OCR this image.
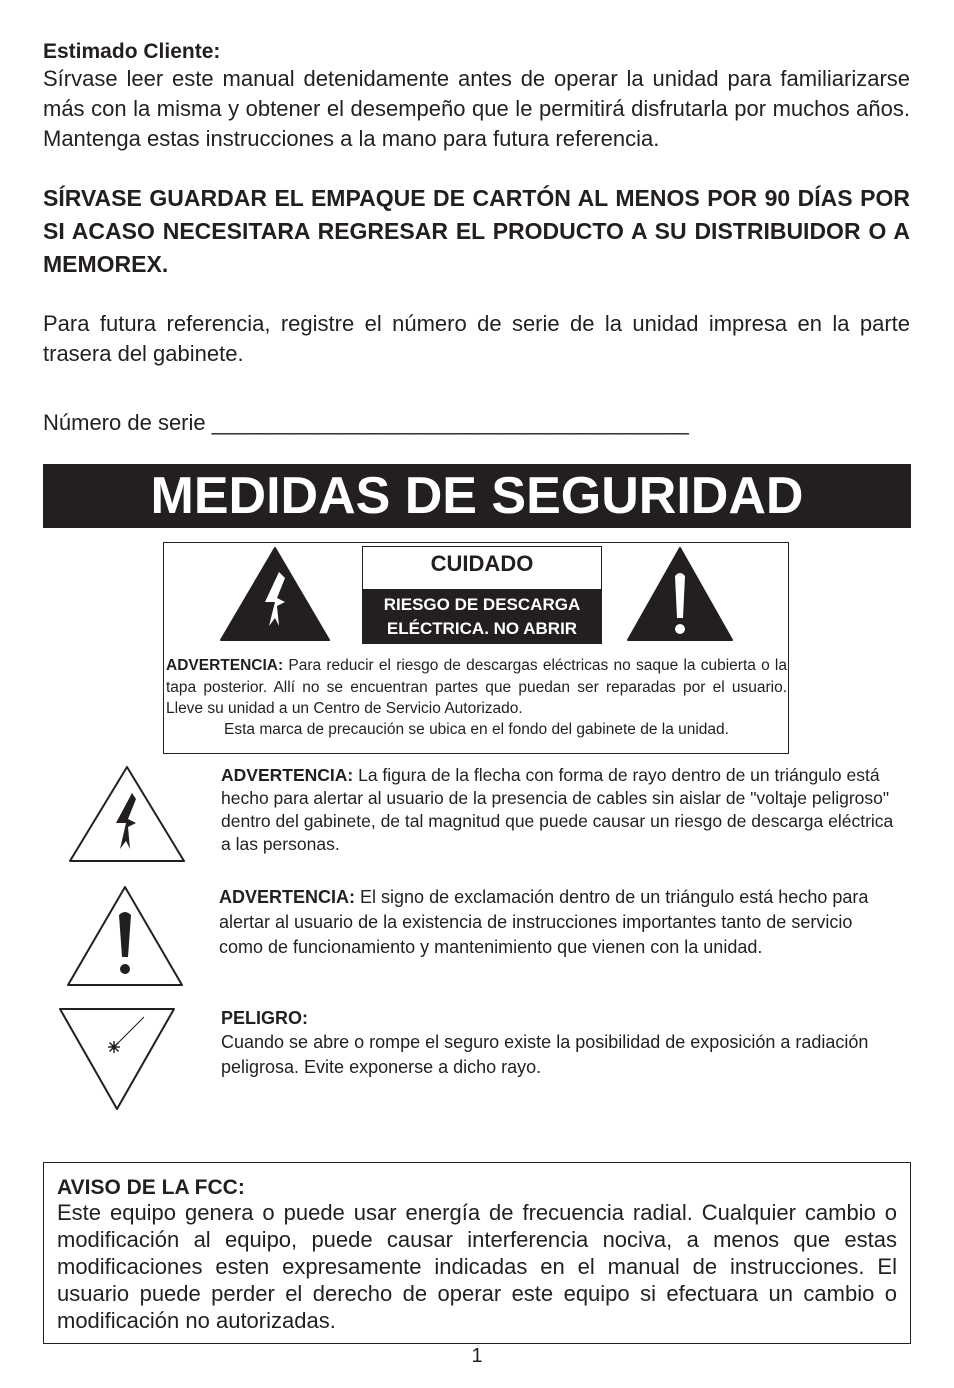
Estimado Cliente:
Sírvase leer este manual detenidamente antes de operar la unidad para familiarizarse más con la misma y obtener el desempeño que le permitirá disfrutarla por muchos años. Mantenga estas instrucciones a la mano para futura referencia.
SÍRVASE GUARDAR EL EMPAQUE DE CARTÓN AL MENOS POR 90 DÍAS POR SI ACASO NECESITARA REGRESAR EL PRODUCTO A SU DISTRIBUIDOR O A MEMOREX.
Para futura referencia, registre el número de serie de la unidad impresa en la parte trasera del gabinete.
Número de serie _______________________________________
MEDIDAS DE SEGURIDAD
CUIDADO
RIESGO DE DESCARGA
ELÉCTRICA. NO ABRIR
ADVERTENCIA: Para reducir el riesgo de descargas eléctricas no saque la cubierta o la tapa posterior. Allí no se encuentran partes que puedan ser reparadas por el usuario. Lleve su unidad a un Centro de Servicio Autorizado.
Esta marca de precaución se ubica en el fondo del gabinete de la unidad.
ADVERTENCIA: La figura de la flecha con forma de rayo dentro de un triángulo está hecho para alertar al usuario de la presencia de cables sin aislar de "voltaje peligroso" dentro del gabinete, de tal magnitud que puede causar un riesgo de descarga eléctrica a las personas.
ADVERTENCIA: El signo de exclamación dentro de un triángulo está hecho para alertar al usuario de la existencia de instrucciones importantes tanto de servicio como de funcionamiento y mantenimiento que vienen con la unidad.
PELIGRO:
Cuando se abre o rompe el seguro existe la posibilidad de exposición a radiación peligrosa. Evite exponerse a dicho rayo.
AVISO DE LA FCC:
Este equipo genera o puede usar energía de frecuencia radial. Cualquier cambio o modificación al equipo, puede causar interferencia nociva, a menos que estas modificaciones esten expresamente indicadas en el manual de instrucciones. El usuario puede perder el derecho de operar este equipo si efectuara un cambio o modificación no autorizadas.
1
